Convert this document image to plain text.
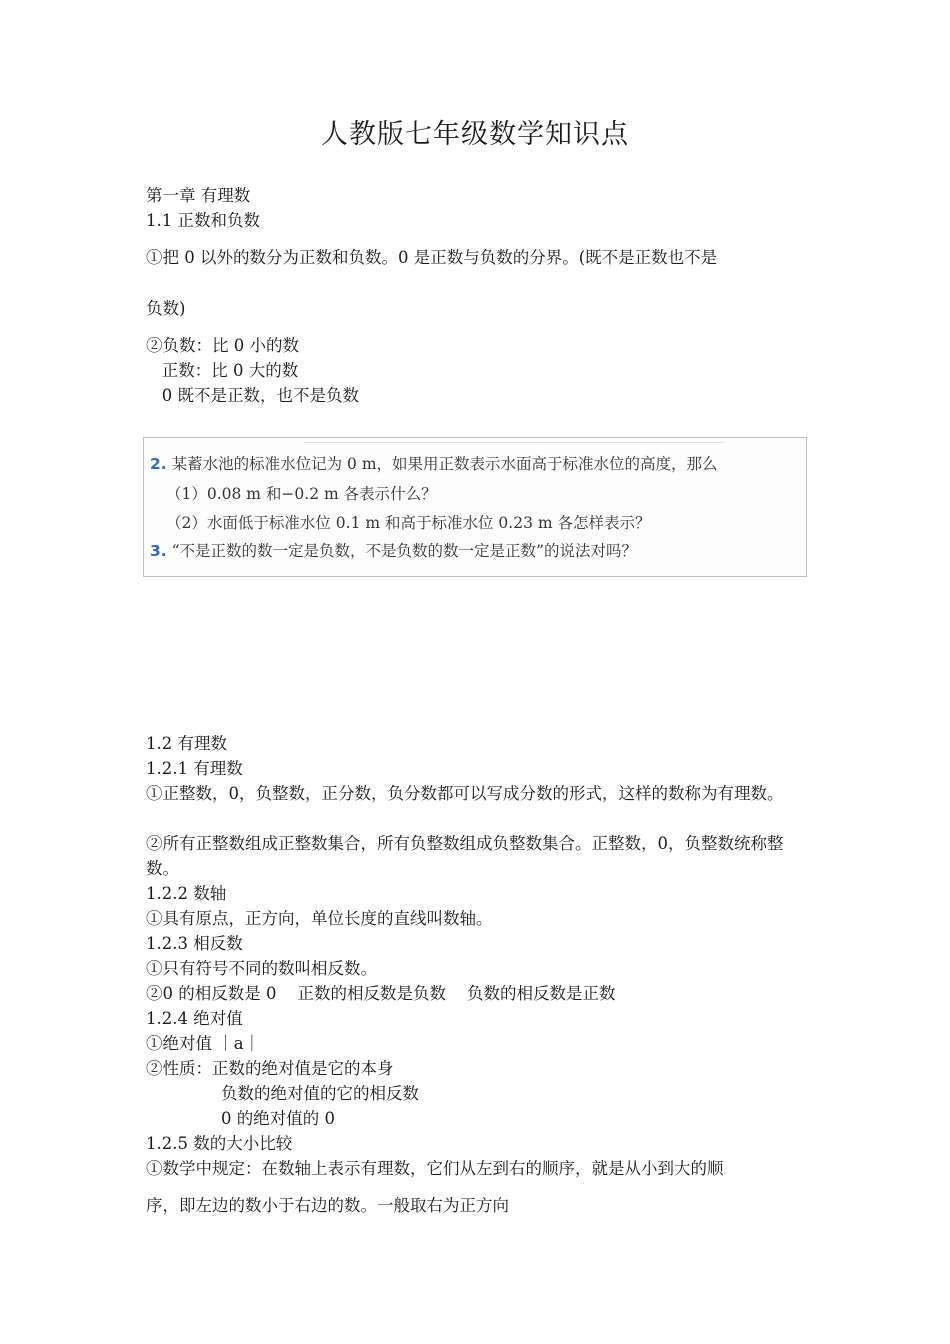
人教版七年级数学知识点
第一章 有理数
1.1 正数和负数
①把 0 以外的数分为正数和负数。0 是正数与负数的分界。(既不是正数也不是
负数)
②负数：比 0 小的数
正数：比 0 大的数
0 既不是正数，也不是负数
2. 某蓄水池的标准水位记为 0 m，如果用正数表示水面高于标准水位的高度，那么
（1）0.08 m 和−0.2 m 各表示什么？
（2）水面低于标准水位 0.1 m 和高于标准水位 0.23 m 各怎样表示？
3. “不是正数的数一定是负数，不是负数的数一定是正数”的说法对吗？
1.2 有理数
1.2.1 有理数
①正整数，0，负整数，正分数，负分数都可以写成分数的形式，这样的数称为有理数。
②所有正整数组成正整数集合，所有负整数组成负整数集合。正整数，0，负整数统称整数。
1.2.2 数轴
①具有原点，正方向，单位长度的直线叫数轴。
1.2.3 相反数
①只有符号不同的数叫相反数。
②0 的相反数是 0    正数的相反数是负数    负数的相反数是正数
1.2.4 绝对值
①绝对值 ｜a｜
②性质：正数的绝对值是它的本身
负数的绝对值的它的相反数
0 的绝对值的 0
1.2.5 数的大小比较
①数学中规定：在数轴上表示有理数，它们从左到右的顺序，就是从小到大的顺
序，即左边的数小于右边的数。一般取右为正方向
